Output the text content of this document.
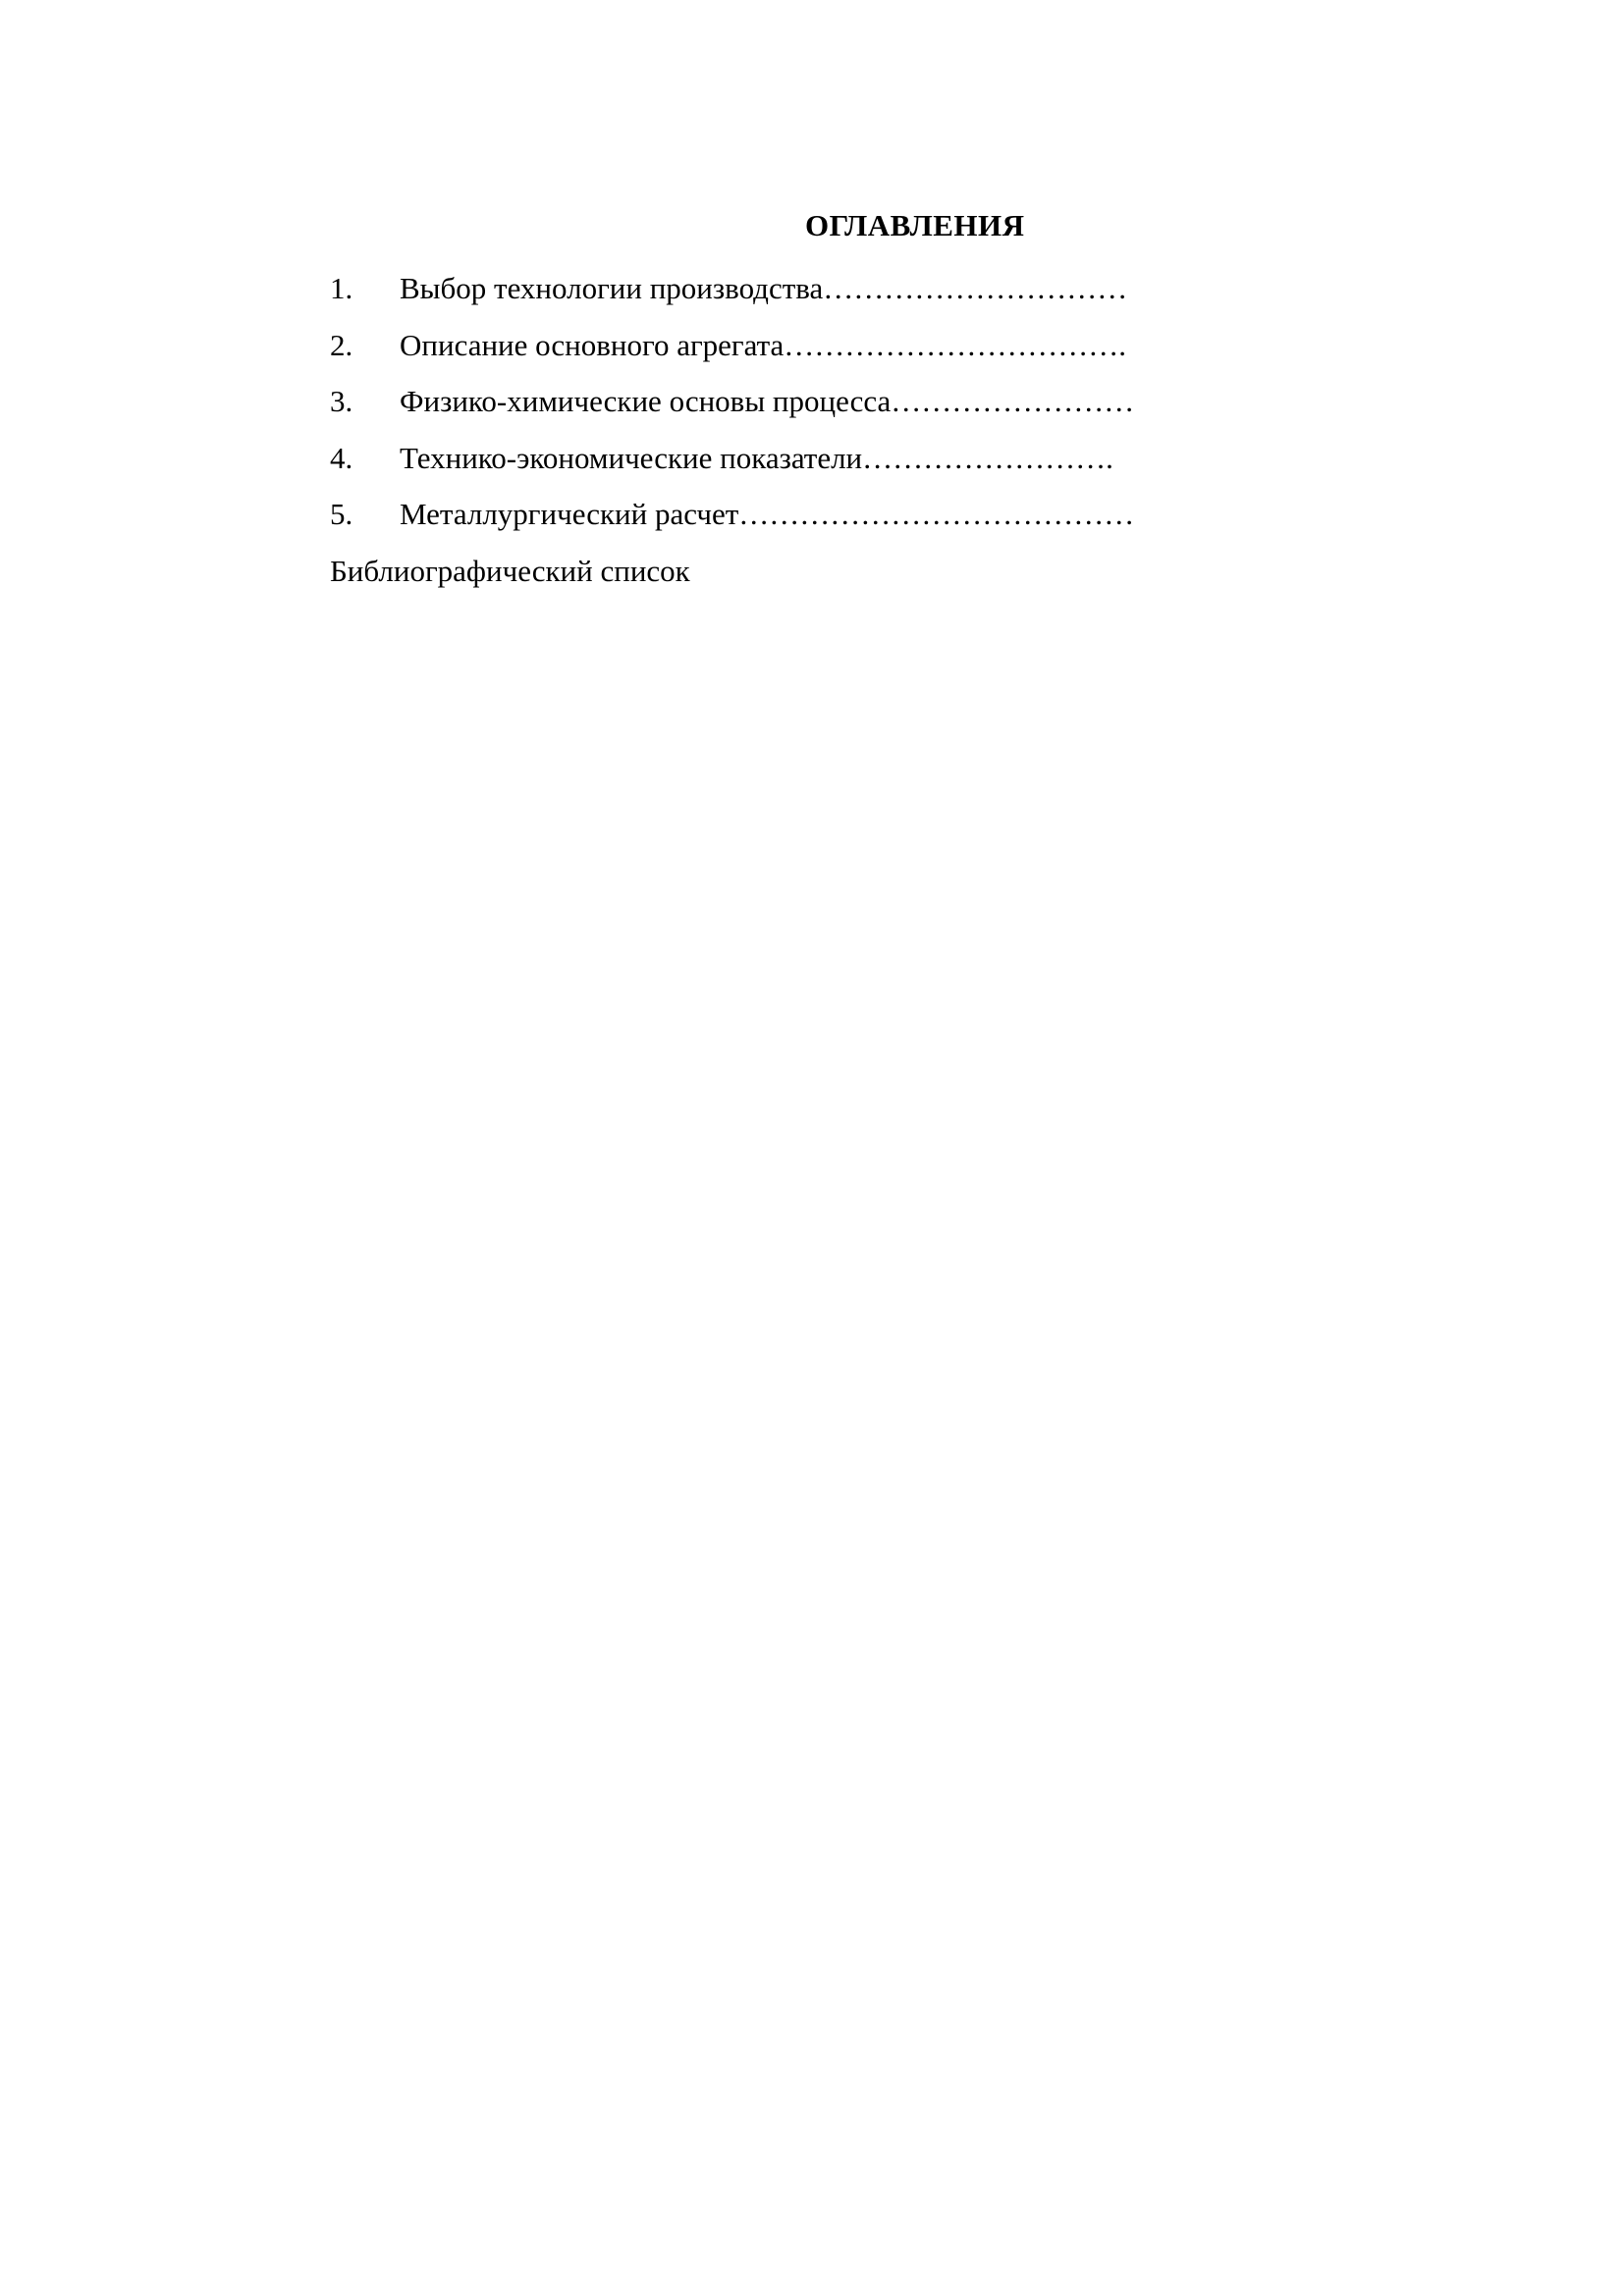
ОГЛАВЛЕНИЯ
1. Выбор технологии производства…………………………
2. Описание основного агрегата…………………………….
3. Физико-химические основы процесса……………………
4. Технико-экономические показатели…………………….
5. Металлургический расчет…………………………………
Библиографический список
